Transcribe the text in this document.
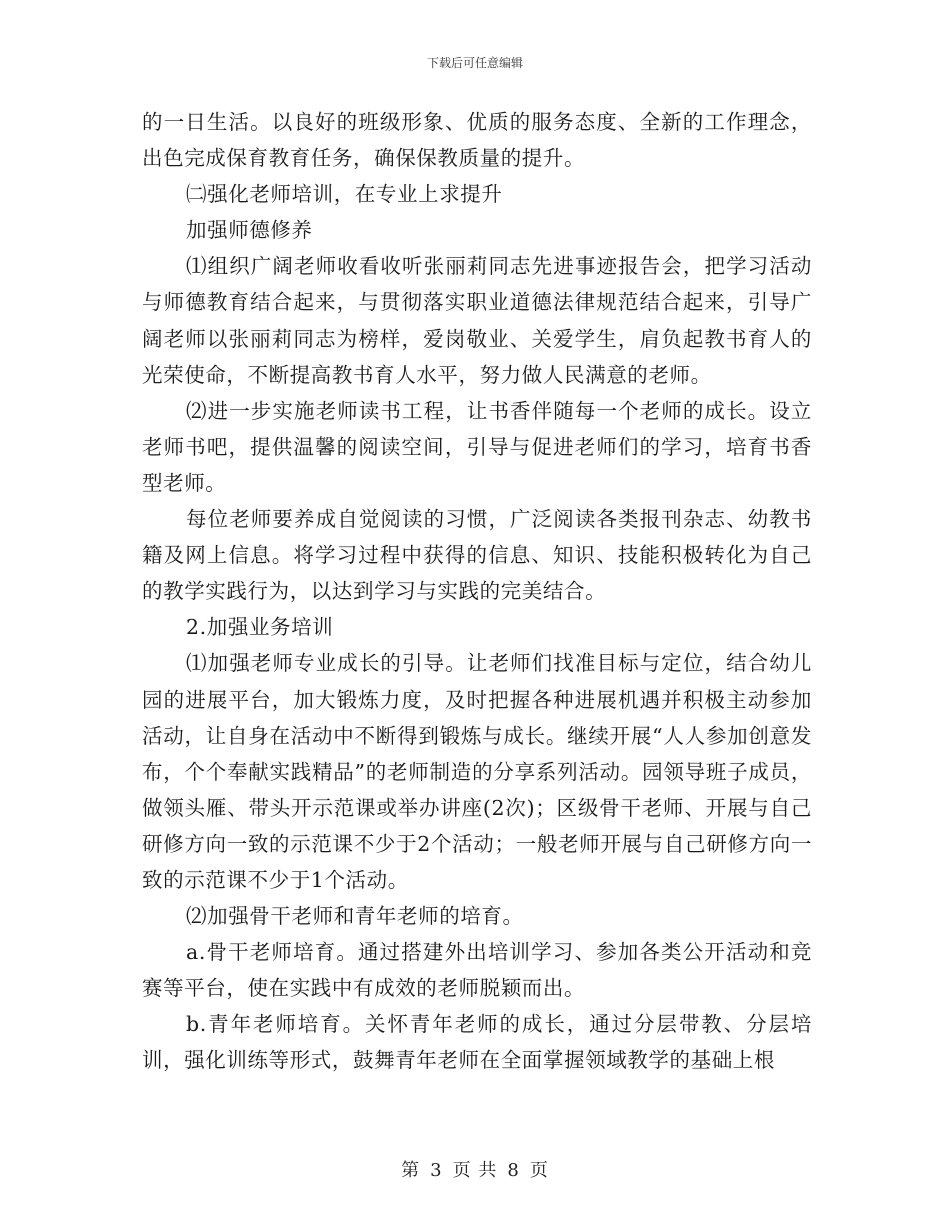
下载后可任意编辑

的一日生活。以良好的班级形象、优质的服务态度、全新的工作理念，出色完成保育教育任务，确保保教质量的提升。

㈡强化老师培训，在专业上求提升

加强师德修养

⑴组织广阔老师收看收听张丽莉同志先进事迹报告会，把学习活动与师德教育结合起来，与贯彻落实职业道德法律规范结合起来，引导广阔老师以张丽莉同志为榜样，爱岗敬业、关爱学生，肩负起教书育人的光荣使命，不断提高教书育人水平，努力做人民满意的老师。

⑵进一步实施老师读书工程，让书香伴随每一个老师的成长。设立老师书吧，提供温馨的阅读空间，引导与促进老师们的学习，培育书香型老师。

每位老师要养成自觉阅读的习惯，广泛阅读各类报刊杂志、幼教书籍及网上信息。将学习过程中获得的信息、知识、技能积极转化为自己的教学实践行为，以达到学习与实践的完美结合。

2.加强业务培训

⑴加强老师专业成长的引导。让老师们找准目标与定位，结合幼儿园的进展平台，加大锻炼力度，及时把握各种进展机遇并积极主动参加活动，让自身在活动中不断得到锻炼与成长。继续开展“人人参加创意发布，个个奉献实践精品”的老师制造的分享系列活动。园领导班子成员，做领头雁、带头开示范课或举办讲座(2次)；区级骨干老师、开展与自己研修方向一致的示范课不少于2个活动；一般老师开展与自己研修方向一致的示范课不少于1个活动。

⑵加强骨干老师和青年老师的培育。

a.骨干老师培育。通过搭建外出培训学习、参加各类公开活动和竞赛等平台，使在实践中有成效的老师脱颖而出。

b.青年老师培育。关怀青年老师的成长，通过分层带教、分层培训，强化训练等形式，鼓舞青年老师在全面掌握领域教学的基础上根

第 3 页 共 8 页
